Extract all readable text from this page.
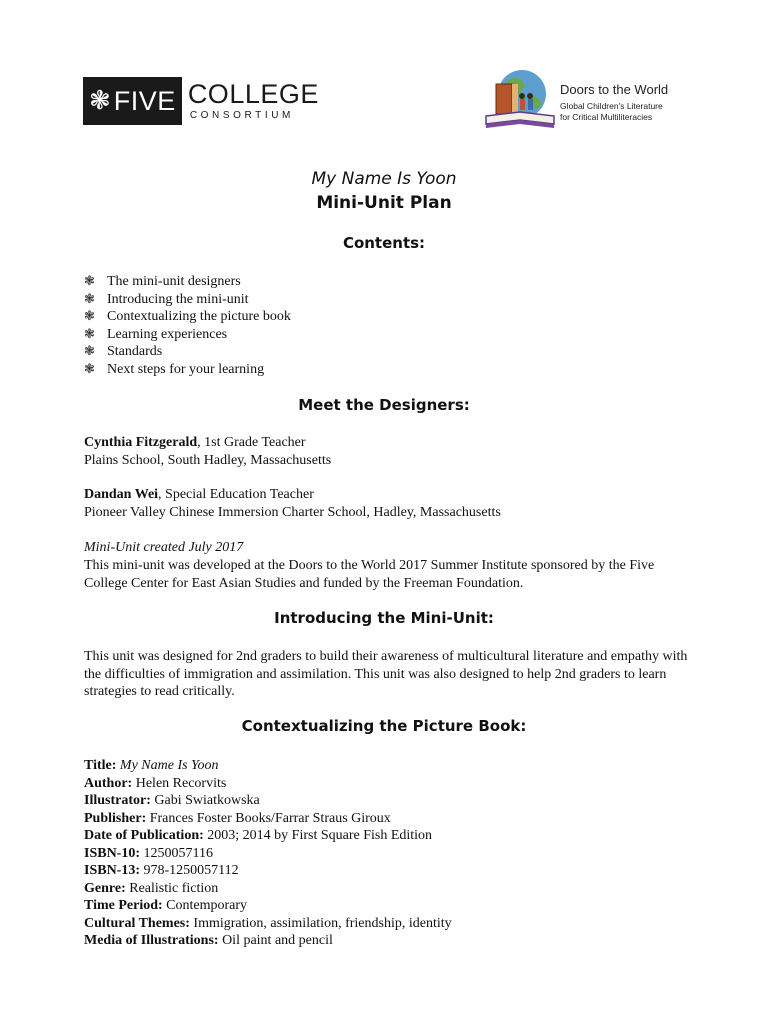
❃ FIVE COLLEGE
CONSORTIUM
Doors to the World
Global Children's Literature
for Critical Multiliteracies
My Name Is Yoon
Mini-Unit Plan
Contents:
❃ The mini-unit designers
❃ Introducing the mini-unit
❃ Contextualizing the picture book
❃ Learning experiences
❃ Standards
❃ Next steps for your learning
Meet the Designers:
Cynthia Fitzgerald, 1st Grade Teacher
Plains School, South Hadley, Massachusetts
Dandan Wei, Special Education Teacher
Pioneer Valley Chinese Immersion Charter School, Hadley, Massachusetts
Mini-Unit created July 2017
This mini-unit was developed at the Doors to the World 2017 Summer Institute sponsored by the Five College Center for East Asian Studies and funded by the Freeman Foundation.
Introducing the Mini-Unit:
This unit was designed for 2nd graders to build their awareness of multicultural literature and empathy with the difficulties of immigration and assimilation. This unit was also designed to help 2nd graders to learn strategies to read critically.
Contextualizing the Picture Book:
Title: My Name Is Yoon
Author: Helen Recorvits
Illustrator: Gabi Swiatkowska
Publisher: Frances Foster Books/Farrar Straus Giroux
Date of Publication: 2003; 2014 by First Square Fish Edition
ISBN-10: 1250057116
ISBN-13: 978-1250057112
Genre: Realistic fiction
Time Period: Contemporary
Cultural Themes: Immigration, assimilation, friendship, identity
Media of Illustrations: Oil paint and pencil
